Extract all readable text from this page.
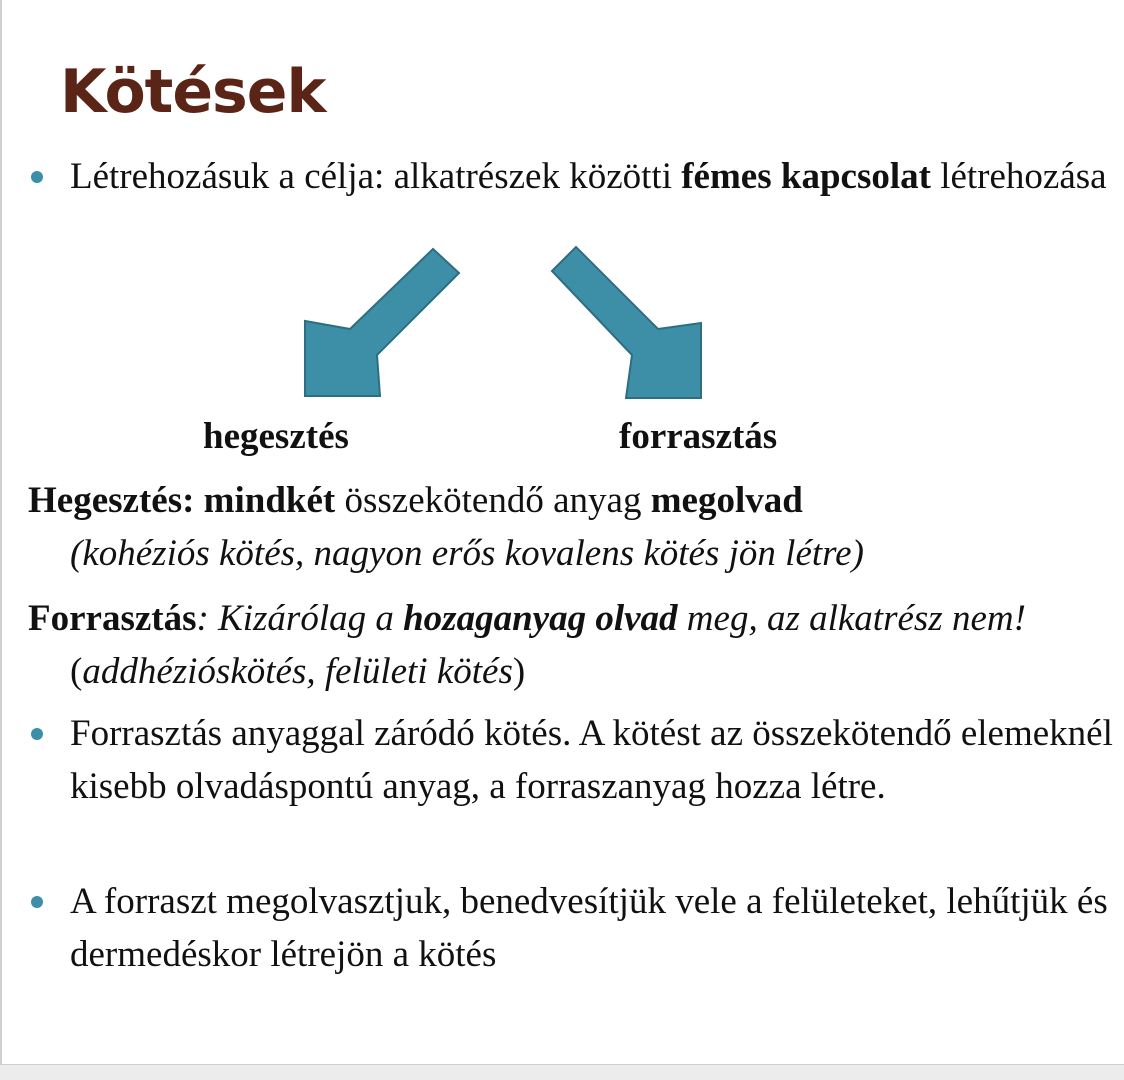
Kötések

Létrehozásuk a célja: alkatrészek közötti fémes kapcsolat létrehozása

hegesztés	forrasztás

Hegesztés: mindkét összekötendő anyag megolvad
(kohéziós kötés, nagyon erős kovalens kötés jön létre)

Forrasztás: Kizárólag a hozaganyag olvad meg, az alkatrész nem! (addhézióskötés, felületi kötés)

Forrasztás anyaggal záródó kötés. A kötést az összekötendő elemeknél kisebb olvadáspontú anyag, a forraszanyag hozza létre.

A forraszt megolvasztjuk, benedvesítjük vele a felületeket, lehűtjük és dermedéskor létrejön a kötés
